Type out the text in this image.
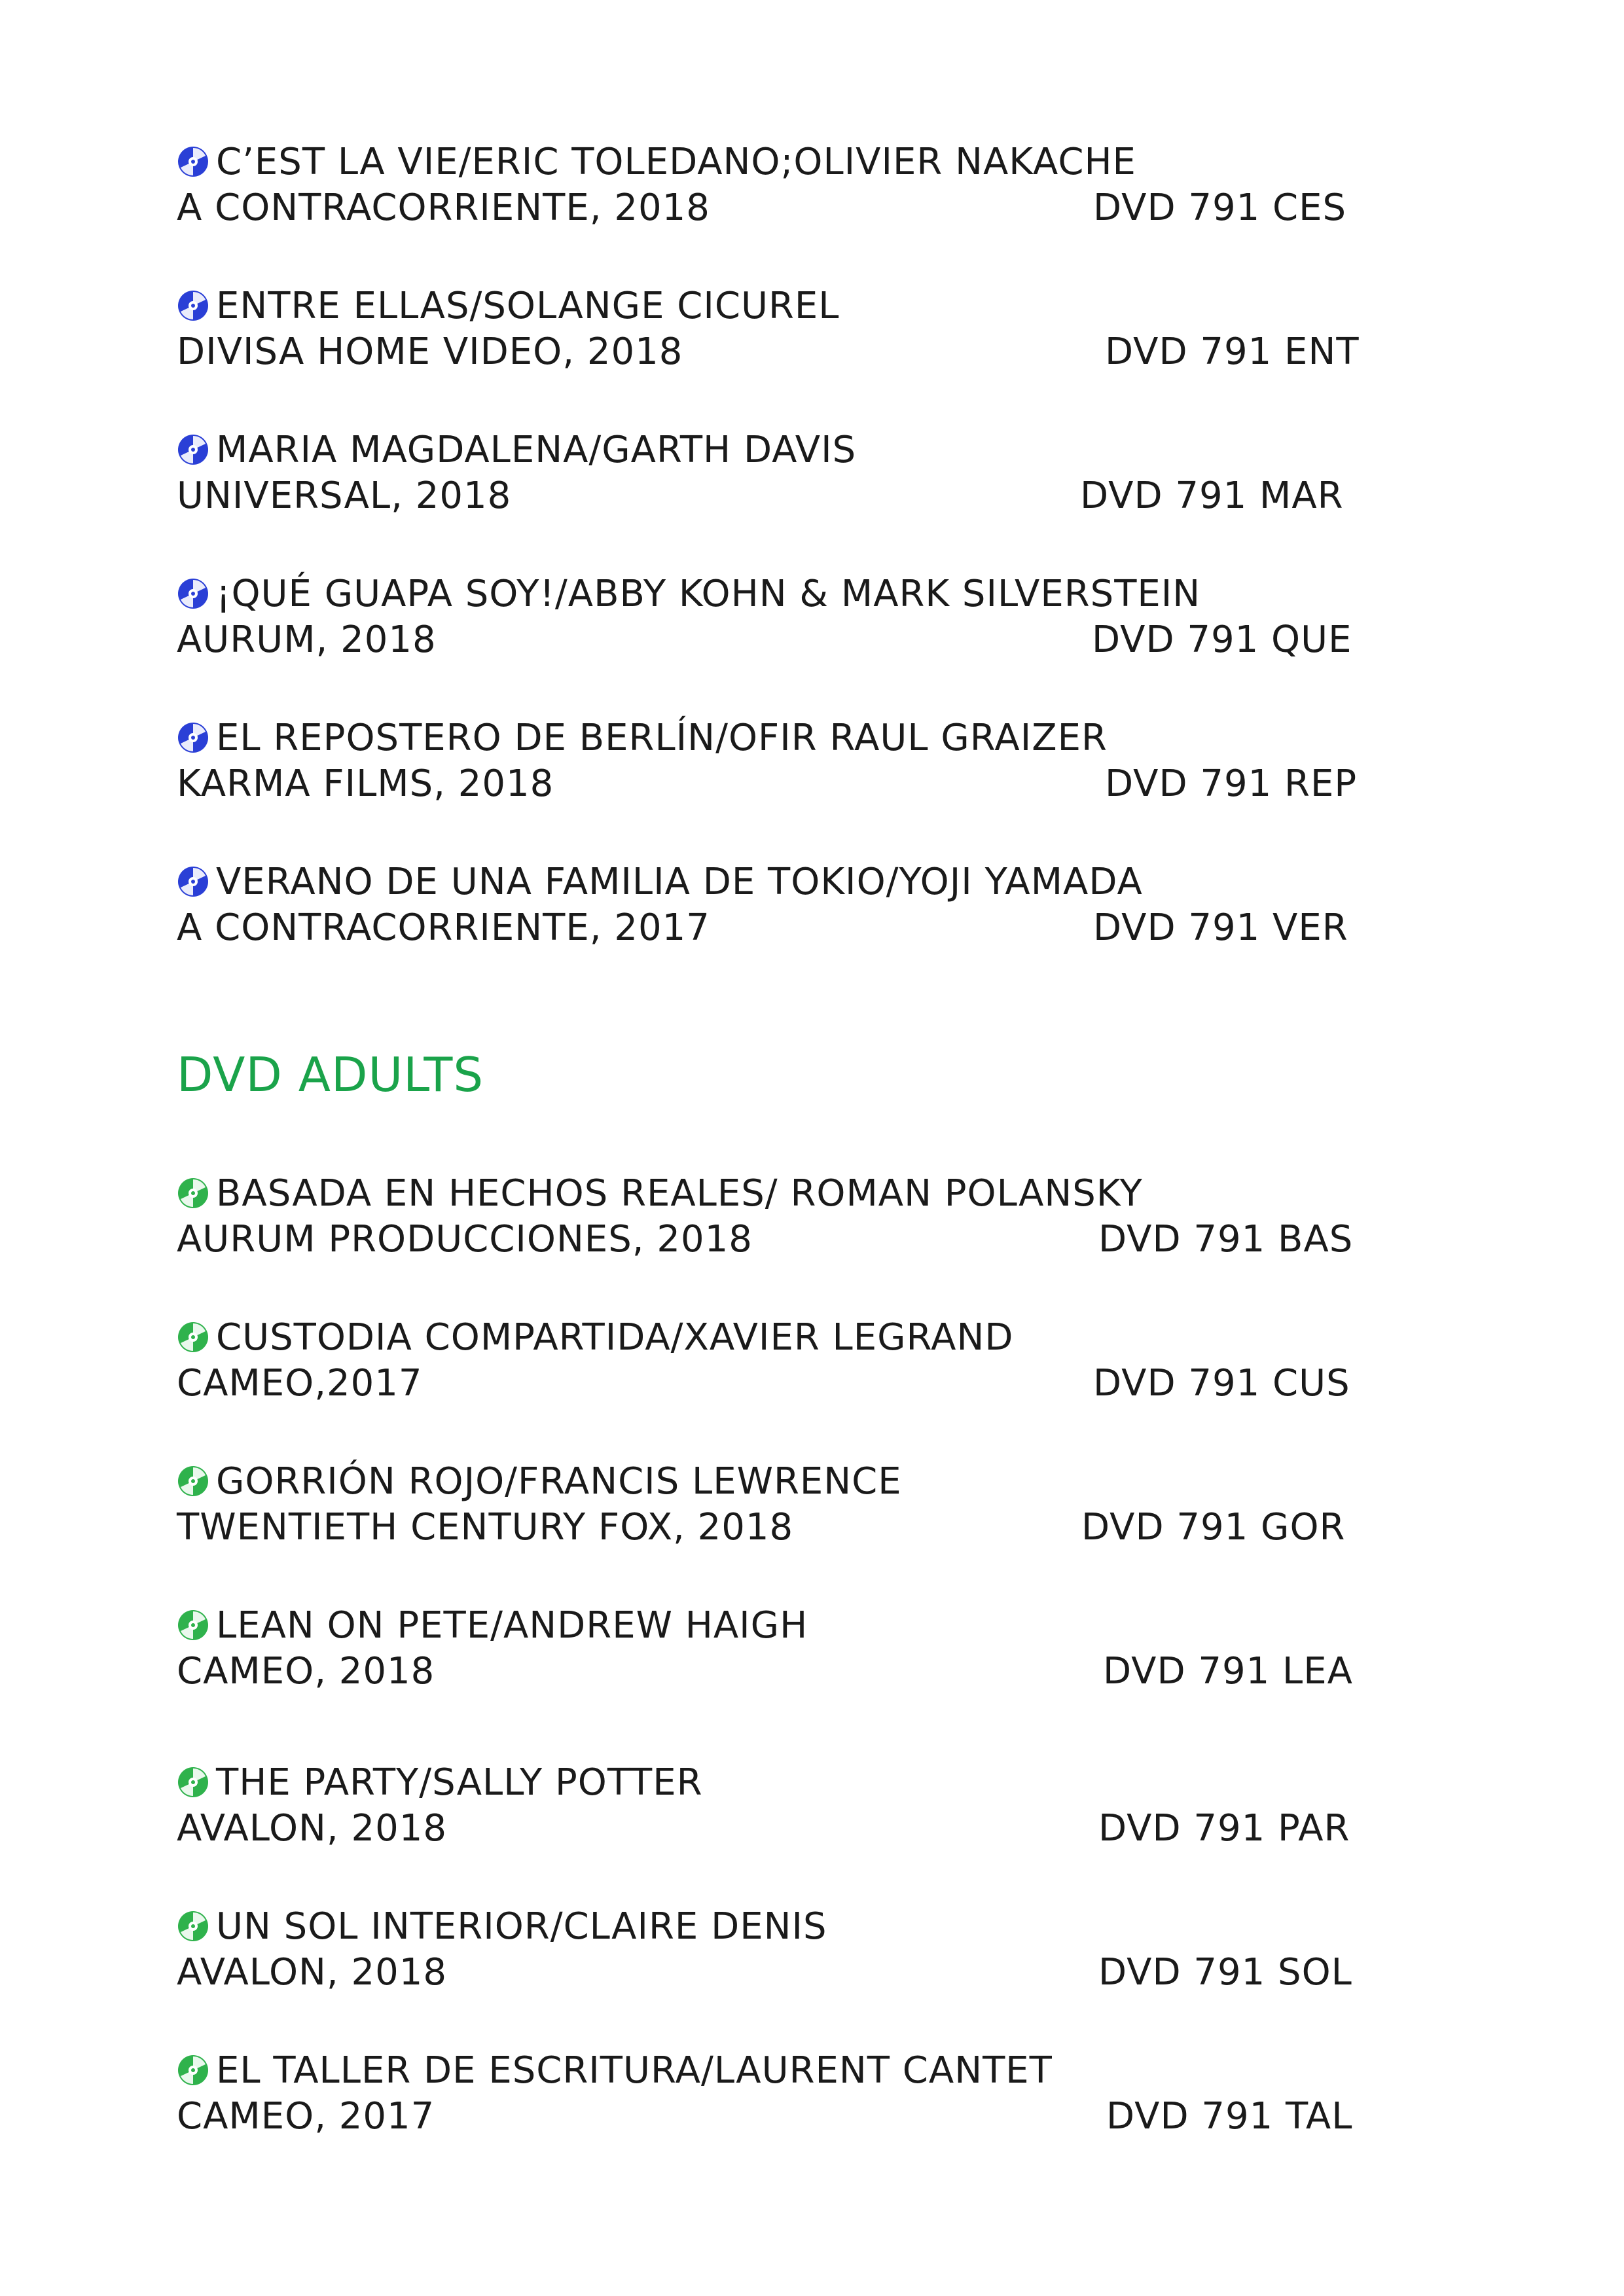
C’EST LA VIE/ERIC TOLEDANO;OLIVIER NAKACHE
A CONTRACORRIENTE, 2018	DVD 791 CES
ENTRE ELLAS/SOLANGE CICUREL
DIVISA HOME VIDEO, 2018	DVD 791 ENT
MARIA MAGDALENA/GARTH DAVIS
UNIVERSAL, 2018	DVD 791 MAR
¡QUÉ GUAPA SOY!/ABBY KOHN & MARK SILVERSTEIN
AURUM, 2018	DVD 791 QUE
EL REPOSTERO DE BERLÍN/OFIR RAUL GRAIZER
KARMA FILMS, 2018	DVD 791 REP
VERANO DE UNA FAMILIA DE TOKIO/YOJI YAMADA
A CONTRACORRIENTE, 2017	DVD 791 VER
DVD ADULTS
BASADA EN HECHOS REALES/ ROMAN POLANSKY
AURUM PRODUCCIONES, 2018	DVD 791 BAS
CUSTODIA COMPARTIDA/XAVIER LEGRAND
CAMEO,2017	DVD 791 CUS
GORRIÓN ROJO/FRANCIS LEWRENCE
TWENTIETH CENTURY FOX, 2018	DVD 791 GOR
LEAN ON PETE/ANDREW HAIGH
CAMEO, 2018	DVD 791 LEA
THE PARTY/SALLY POTTER
AVALON, 2018	DVD 791 PAR
UN SOL INTERIOR/CLAIRE DENIS
AVALON, 2018	DVD 791 SOL
EL TALLER DE ESCRITURA/LAURENT CANTET
CAMEO, 2017	DVD 791 TAL
